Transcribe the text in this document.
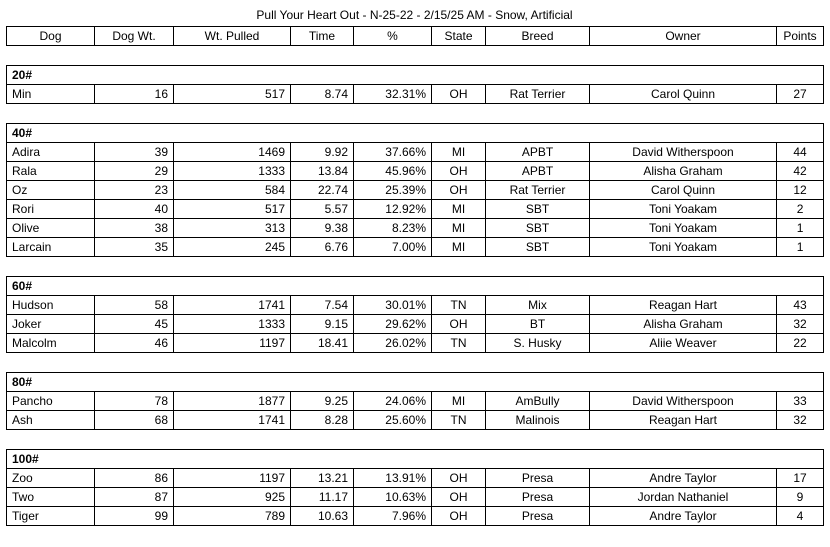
Pull Your Heart Out - N-25-22 - 2/15/25 AM - Snow, Artificial
Dog	Dog Wt.	Wt. Pulled	Time	%	State	Breed	Owner	Points
20#
Min	16	517	8.74	32.31%	OH	Rat Terrier	Carol Quinn	27
40#								
Adira	39	1469	9.92	37.66%	MI	APBT	David Witherspoon	44
Rala	29	1333	13.84	45.96%	OH	APBT	Alisha Graham	42
Oz	23	584	22.74	25.39%	OH	Rat Terrier	Carol Quinn	12
Rori	40	517	5.57	12.92%	MI	SBT	Toni Yoakam	2
Olive	38	313	9.38	8.23%	MI	SBT	Toni Yoakam	1
Larcain	35	245	6.76	7.00%	MI	SBT	Toni Yoakam	1
60#								
Hudson	58	1741	7.54	30.01%	TN	Mix	Reagan Hart	43
Joker	45	1333	9.15	29.62%	OH	BT	Alisha Graham	32
Malcolm	46	1197	18.41	26.02%	TN	S. Husky	Aliie Weaver	22
80#								
Pancho	78	1877	9.25	24.06%	MI	AmBully	David Witherspoon	33
Ash	68	1741	8.28	25.60%	TN	Malinois	Reagan Hart	32
100#								
Zoo	86	1197	13.21	13.91%	OH	Presa	Andre Taylor	17
Two	87	925	11.17	10.63%	OH	Presa	Jordan Nathaniel	9
Tiger	99	789	10.63	7.96%	OH	Presa	Andre Taylor	4
